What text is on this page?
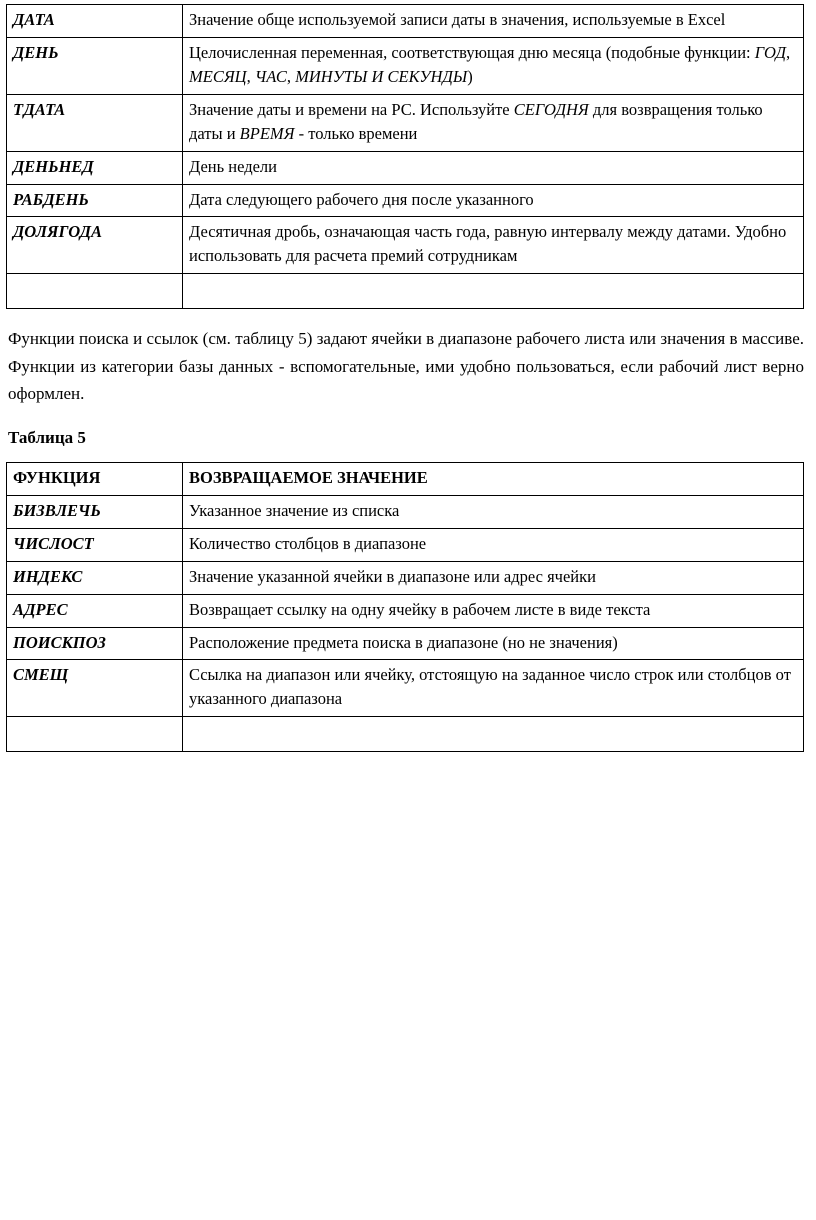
ДАТА	Значение обще используемой записи даты в значения, используемые в Excel
ДЕНЬ	Целочисленная переменная, соответствующая дню месяца (подобные функции: ГОД, МЕСЯЦ, ЧАС, МИНУТЫ И СЕКУНДЫ)
ТДАТА	Значение даты и времени на РС. Используйте СЕГОДНЯ для возвращения только даты и ВРЕМЯ - только времени
ДЕНЬНЕД	День недели
РАБДЕНЬ	Дата следующего рабочего дня после указанного
ДОЛЯГОДА	Десятичная дробь, означающая часть года, равную интервалу между датами. Удобно использовать для расчета премий сотрудникам

Функции поиска и ссылок (см. таблицу 5) задают ячейки в диапазоне рабочего листа или значения в массиве. Функции из категории базы данных - вспомогательные, ими удобно пользоваться, если рабочий лист верно оформлен.

Таблица 5
ФУНКЦИЯ	ВОЗВРАЩАЕМОЕ ЗНАЧЕНИЕ
БИЗВЛЕЧЬ	Указанное значение из списка
ЧИСЛОСТ	Количество столбцов в диапазоне
ИНДЕКС	Значение указанной ячейки в диапазоне или адрес ячейки
АДРЕС	Возвращает ссылку на одну ячейку в рабочем листе в виде текста
ПОИСКПОЗ	Расположение предмета поиска в диапазоне (но не значения)
СМЕЩ	Ссылка на диапазон или ячейку, отстоящую на заданное число строк или столбцов от указанного диапазона
